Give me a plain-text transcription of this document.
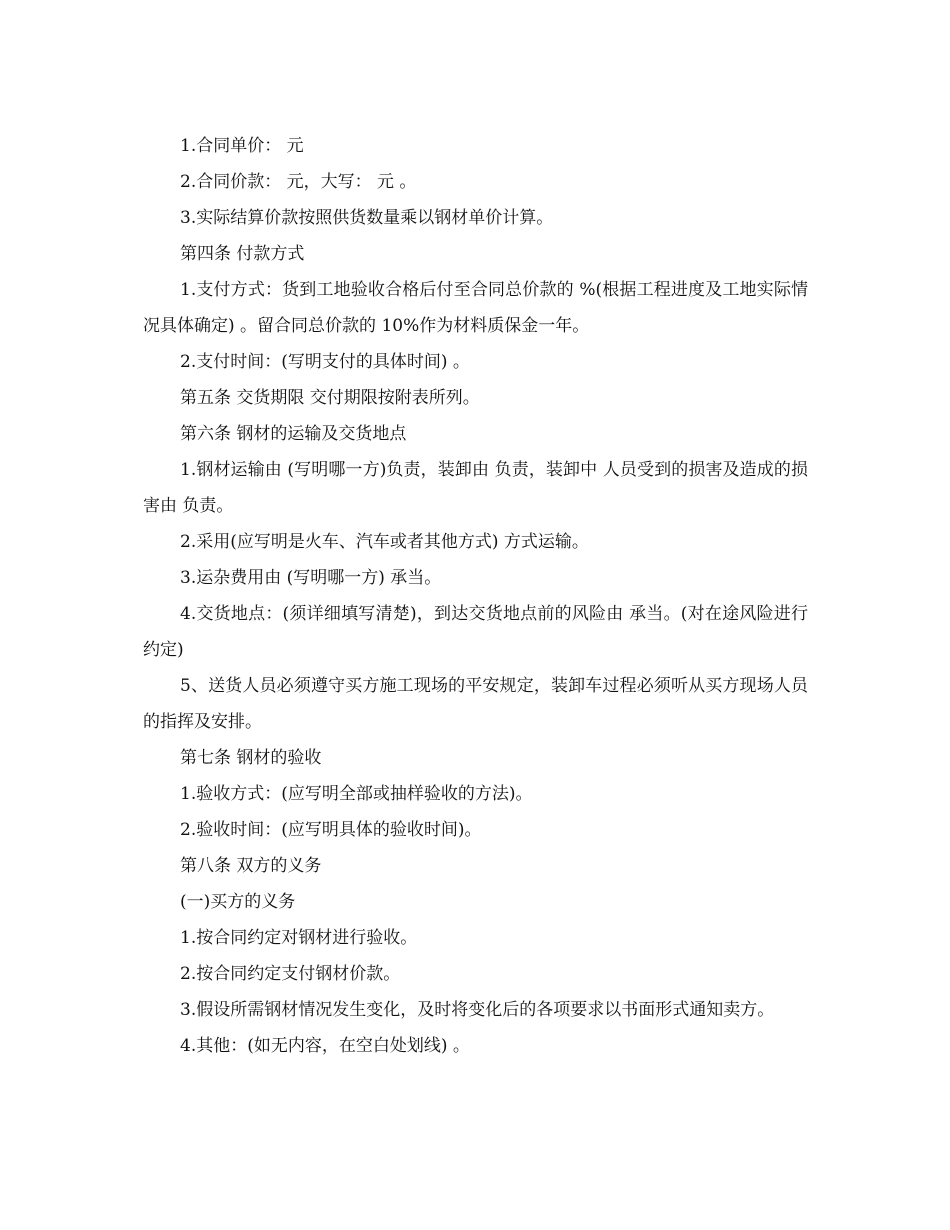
1.合同单价： 元

2.合同价款： 元，大写： 元 。

3.实际结算价款按照供货数量乘以钢材单价计算。

第四条 付款方式

1.支付方式：货到工地验收合格后付至合同总价款的 %(根据工程进度及工地实际情况具体确定) 。留合同总价款的 10%作为材料质保金一年。

2.支付时间：(写明支付的具体时间) 。

第五条 交货期限 交付期限按附表所列。

第六条 钢材的运输及交货地点

1.钢材运输由 (写明哪一方)负责，装卸由 负责，装卸中 人员受到的损害及造成的损害由 负责。

2.采用(应写明是火车、汽车或者其他方式) 方式运输。

3.运杂费用由 (写明哪一方) 承当。

4.交货地点：(须详细填写清楚)，到达交货地点前的风险由 承当。(对在途风险进行约定)

5、送货人员必须遵守买方施工现场的平安规定，装卸车过程必须听从买方现场人员的指挥及安排。

第七条 钢材的验收

1.验收方式：(应写明全部或抽样验收的方法)。

2.验收时间：(应写明具体的验收时间)。

第八条 双方的义务

(一)买方的义务

1.按合同约定对钢材进行验收。

2.按合同约定支付钢材价款。

3.假设所需钢材情况发生变化，及时将变化后的各项要求以书面形式通知卖方。

4.其他：(如无内容，在空白处划线) 。
